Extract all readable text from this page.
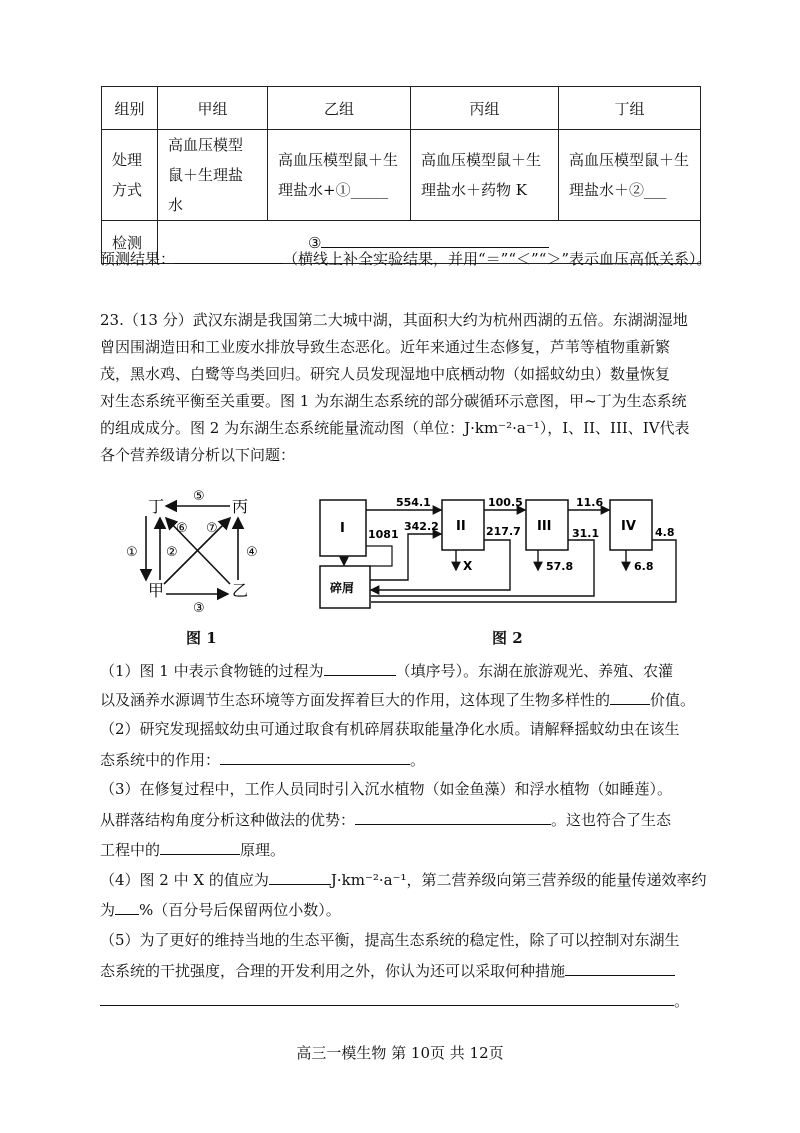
组别	甲组	乙组	丙组	丁组
处理方式	高血压模型鼠＋生理盐水	高血压模型鼠＋生理盐水+①_____	高血压模型鼠＋生理盐水＋药物 K	高血压模型鼠＋生理盐水＋②___
检测	③			
预测结果：	（横线上补全实验结果，并用“＝”“＜”“＞”表示血压高低关系）。
23.（13 分）武汉东湖是我国第二大城中湖，其面积大约为杭州西湖的五倍。东湖湖湿地
曾因围湖造田和工业废水排放导致生态恶化。近年来通过生态修复，芦苇等植物重新繁
茂，黑水鸡、白鹭等鸟类回归。研究人员发现湿地中底栖动物（如摇蚊幼虫）数量恢复
对生态系统平衡至关重要。图 1 为东湖生态系统的部分碳循环示意图，甲~丁为生态系统
的组成成分。图 2 为东湖生态系统能量流动图（单位：J·km⁻²·a⁻¹），I、II、III、IV代表
各个营养级请分析以下问题：
丁	丙
甲	乙
⑤
① ②
③
④
⑥ ⑦
图 1
I	II	III	IV
碎屑
554.1
1081
342.2
100.5
X
217.7
11.6
57.8
31.1
6.8
4.8
图 2
（1）图 1 中表示食物链的过程为	（填序号）。东湖在旅游观光、养殖、农灌
以及涵养水源调节生态环境等方面发挥着巨大的作用，这体现了生物多样性的	价值。
（2）研究发现摇蚊幼虫可通过取食有机碎屑获取能量净化水质。请解释摇蚊幼虫在该生
态系统中的作用：	。
（3）在修复过程中，工作人员同时引入沉水植物（如金鱼藻）和浮水植物（如睡莲）。
从群落结构角度分析这种做法的优势：	。这也符合了生态
工程中的	原理。
（4）图 2 中 X 的值应为	J·km⁻²·a⁻¹，第二营养级向第三营养级的能量传递效率约
为 %（百分号后保留两位小数）。
（5）为了更好的维持当地的生态平衡，提高生态系统的稳定性，除了可以控制对东湖生
态系统的干扰强度，合理的开发利用之外，你认为还可以采取何种措施
。
高三一模生物 第 10页 共 12页
